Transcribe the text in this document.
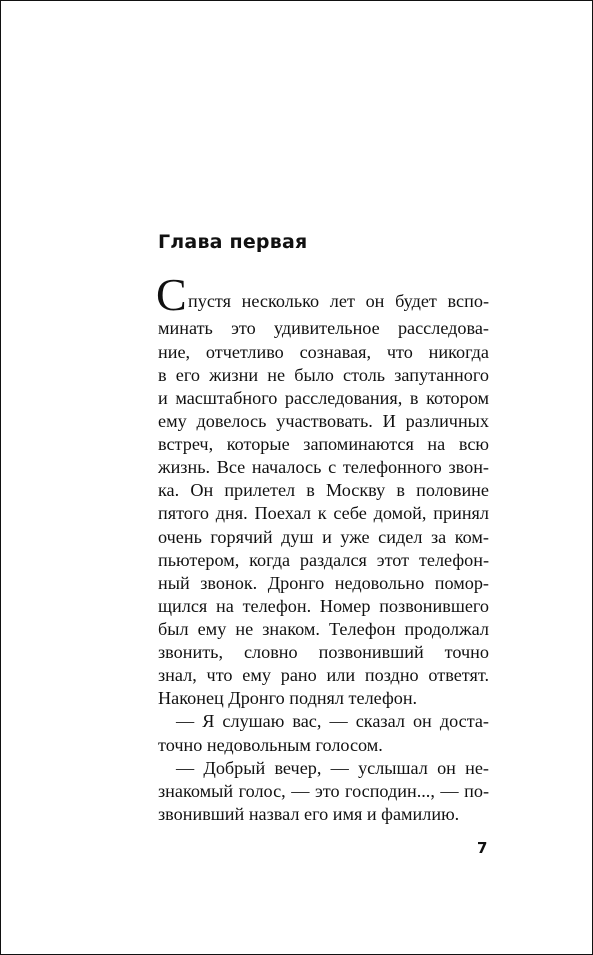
Глава первая
С пустя несколько лет он будет вспо-
минать это удивительное расследова-
ние, отчетливо сознавая, что никогда
в его жизни не было столь запутанного
и масштабного расследования, в котором
ему довелось участвовать. И различных
встреч, которые запоминаются на всю
жизнь. Все началось с телефонного звон-
ка. Он прилетел в Москву в половине
пятого дня. Поехал к себе домой, принял
очень горячий душ и уже сидел за ком-
пьютером, когда раздался этот телефон-
ный звонок. Дронго недовольно помор-
щился на телефон. Номер позвонившего
был ему не знаком. Телефон продолжал
звонить, словно позвонивший точно
знал, что ему рано или поздно ответят.
Наконец Дронго поднял телефон.
— Я слушаю вас, — сказал он доста-
точно недовольным голосом.
— Добрый вечер, — услышал он не-
знакомый голос, — это господин..., — по-
звонивший назвал его имя и фамилию.
7
